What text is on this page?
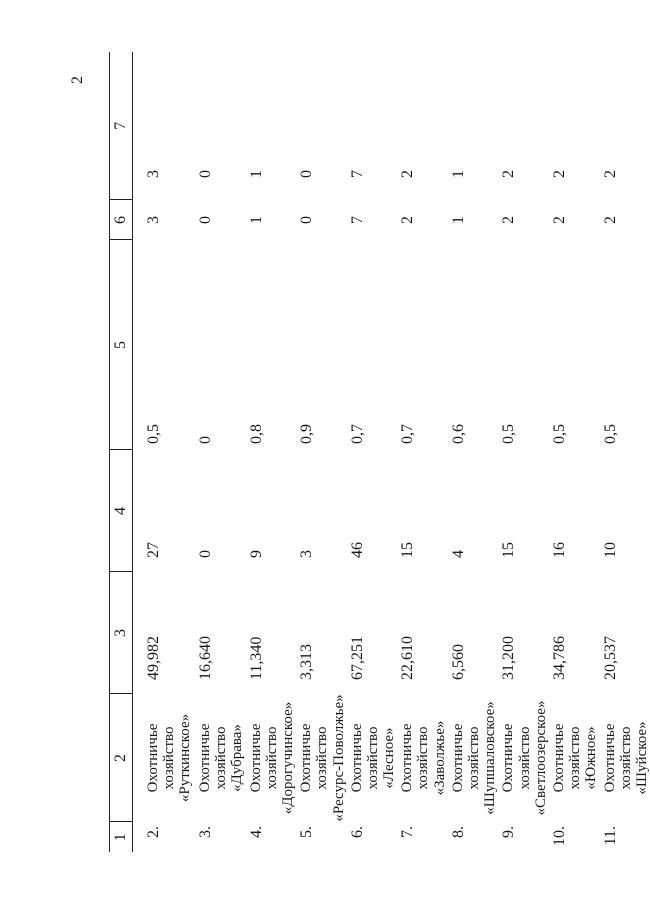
2
1	2	3	4	5	6	7
2.	Охотничье хозяйство
«Руткинское»	49,982	27	0,5	3	3
3.	Охотничье хозяйство
«Дубрава»	16,640	0	0	0	0
4.	Охотничье хозяйство
«Дорогучинское»	11,340	9	0,8	1	1
5.	Охотничье хозяйство
«Ресурс-Поволжье»	3,313	3	0,9	0	0
6.	Охотничье хозяйство
«Лесное»	67,251	46	0,7	7	7
7.	Охотничье хозяйство
«Заволжье»	22,610	15	0,7	2	2
8.	Охотничье хозяйство
«Шупшаловское»	6,560	4	0,6	1	1
9.	Охотничье хозяйство
«Светлоозерское»	31,200	15	0,5	2	2
10.	Охотничье хозяйство
«Южное»	34,786	16	0,5	2	2
11.	Охотничье хозяйство
«Шуйское»	20,537	10	0,5	2	2
